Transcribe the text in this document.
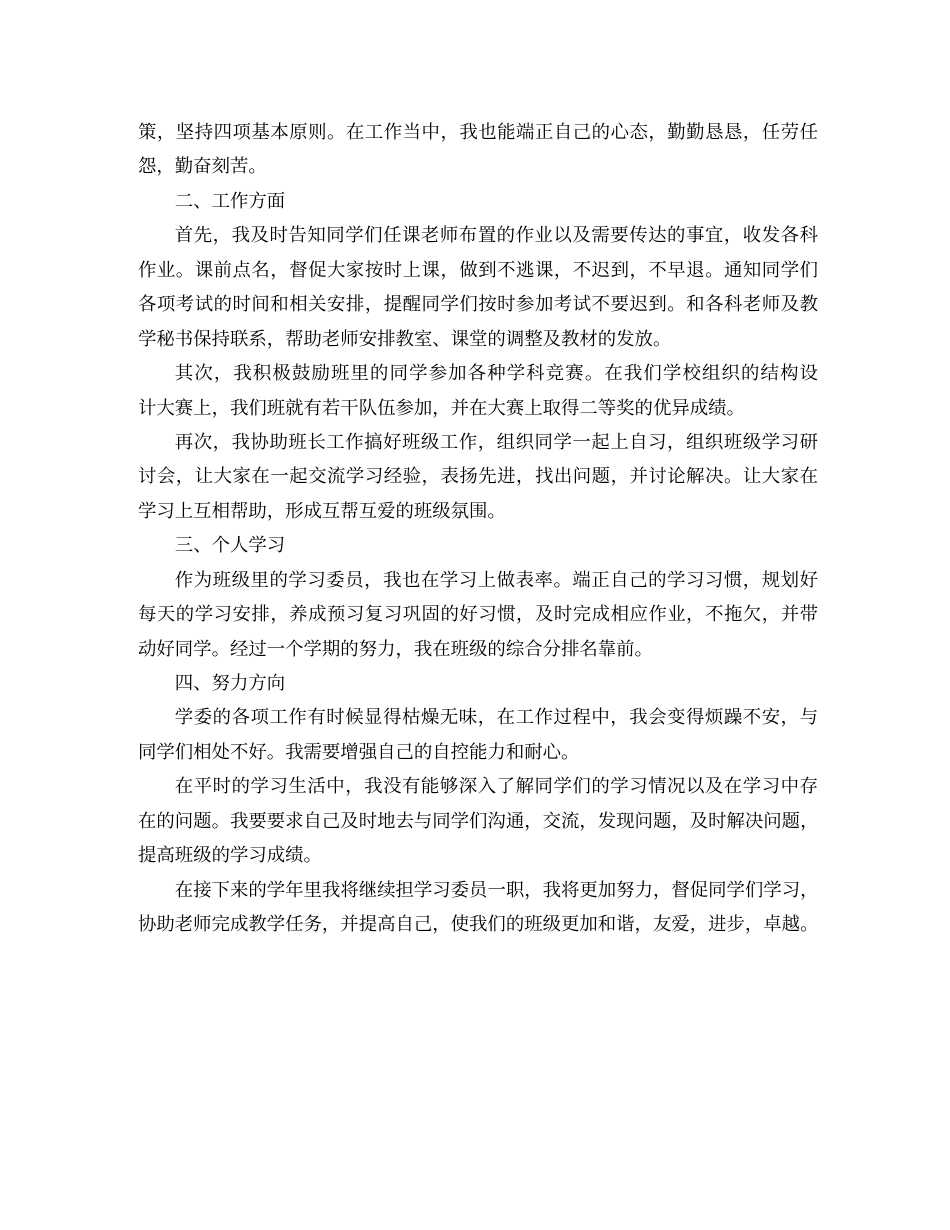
策，坚持四项基本原则。在工作当中，我也能端正自己的心态，勤勤恳恳，任劳任
怨，勤奋刻苦。
二、工作方面
首先，我及时告知同学们任课老师布置的作业以及需要传达的事宜，收发各科
作业。课前点名，督促大家按时上课，做到不逃课，不迟到，不早退。通知同学们
各项考试的时间和相关安排，提醒同学们按时参加考试不要迟到。和各科老师及教
学秘书保持联系，帮助老师安排教室、课堂的调整及教材的发放。
其次，我积极鼓励班里的同学参加各种学科竞赛。在我们学校组织的结构设
计大赛上，我们班就有若干队伍参加，并在大赛上取得二等奖的优异成绩。
再次，我协助班长工作搞好班级工作，组织同学一起上自习，组织班级学习研
讨会，让大家在一起交流学习经验，表扬先进，找出问题，并讨论解决。让大家在
学习上互相帮助，形成互帮互爱的班级氛围。
三、个人学习
作为班级里的学习委员，我也在学习上做表率。端正自己的学习习惯，规划好
每天的学习安排，养成预习复习巩固的好习惯，及时完成相应作业，不拖欠，并带
动好同学。经过一个学期的努力，我在班级的综合分排名靠前。
四、努力方向
学委的各项工作有时候显得枯燥无味，在工作过程中，我会变得烦躁不安，与
同学们相处不好。我需要增强自己的自控能力和耐心。
在平时的学习生活中，我没有能够深入了解同学们的学习情况以及在学习中存
在的问题。我要要求自己及时地去与同学们沟通，交流，发现问题，及时解决问题，
提高班级的学习成绩。
在接下来的学年里我将继续担学习委员一职，我将更加努力，督促同学们学习，
协助老师完成教学任务，并提高自己，使我们的班级更加和谐，友爱，进步，卓越。
